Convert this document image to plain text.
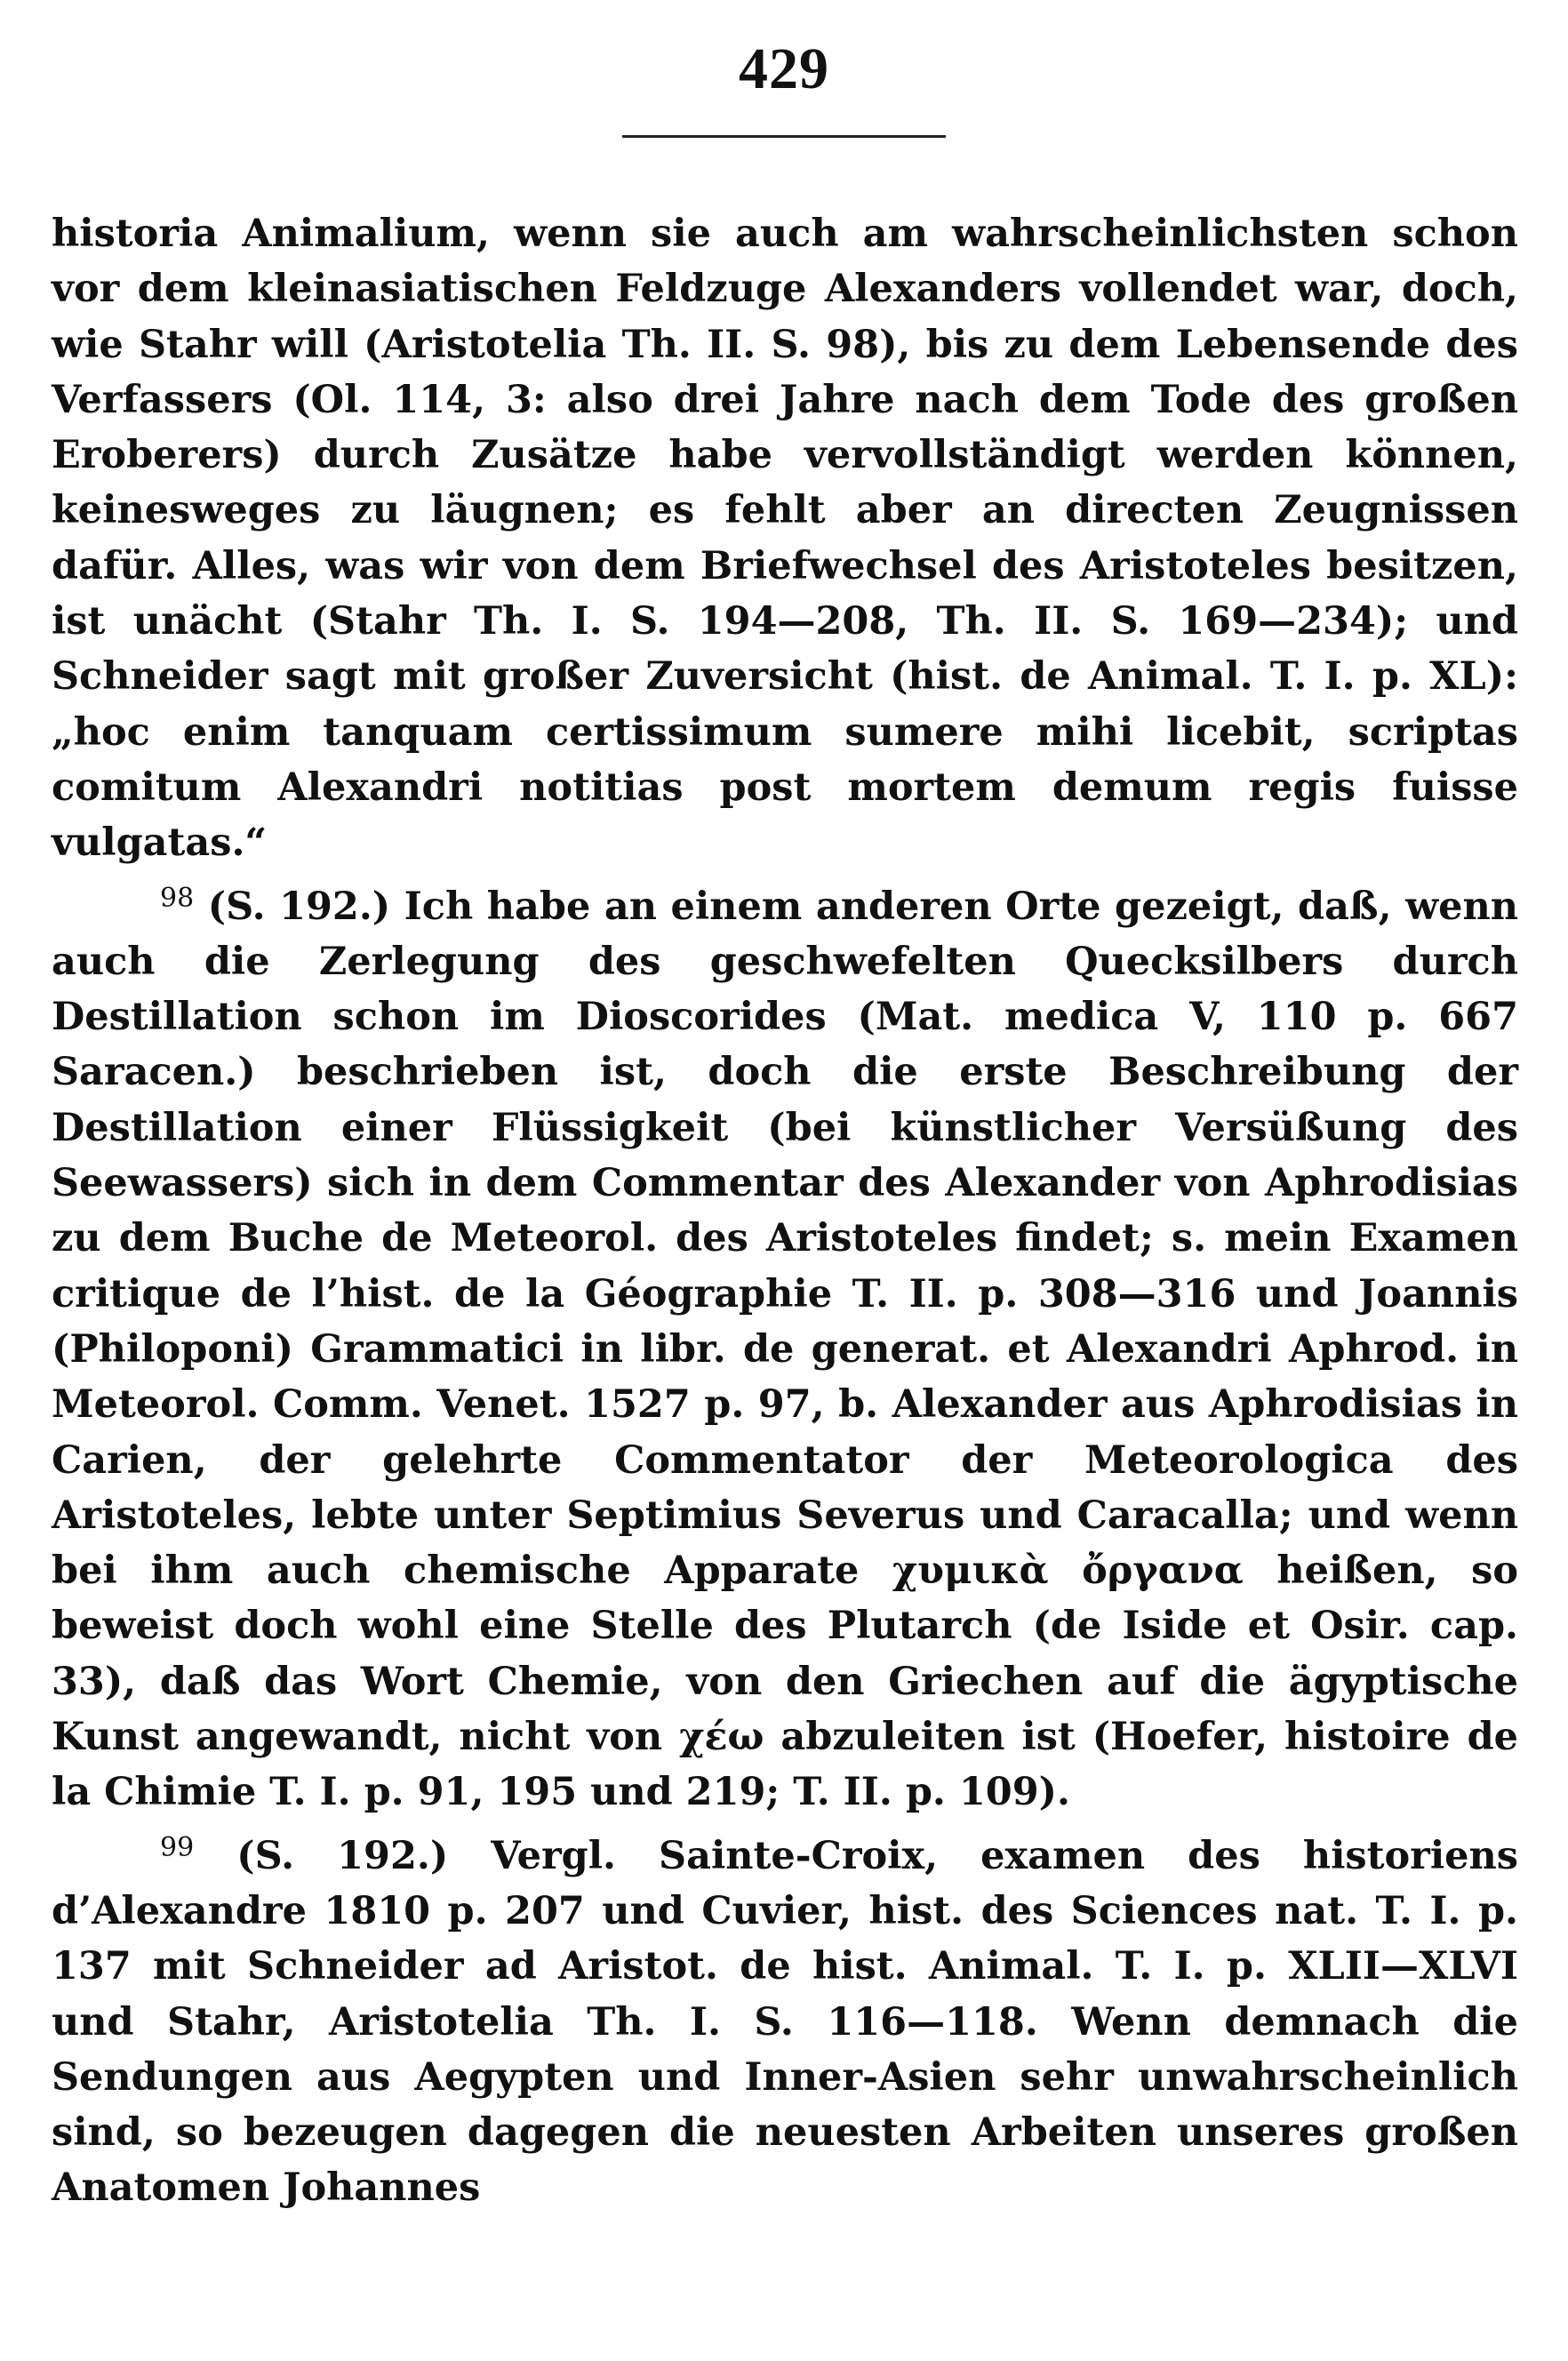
429

historia Animalium, wenn sie auch am wahrscheinlichsten schon vor dem kleinasiatischen Feldzuge Alexanders vollendet war, doch, wie Stahr will (Aristotelia Th. II. S. 98), bis zu dem Lebensende des Verfassers (Ol. 114, 3: also drei Jahre nach dem Tode des großen Eroberers) durch Zusätze habe vervollständigt werden können, keinesweges zu läugnen; es fehlt aber an directen Zeugnissen dafür. Alles, was wir von dem Briefwechsel des Aristoteles besitzen, ist unächt (Stahr Th. I. S. 194—208, Th. II. S. 169—234); und Schneider sagt mit großer Zuversicht (hist. de Animal. T. I. p. XL): „hoc enim tanquam certissimum sumere mihi licebit, scriptas comitum Alexandri notitias post mortem demum regis fuisse vulgatas.“

$^{98}$ (S. 192.) Ich habe an einem anderen Orte gezeigt, daß, wenn auch die Zerlegung des geschwefelten Quecksilbers durch Destillation schon im Dioscorides (Mat. medica V, 110 p. 667 Saracen.) beschrieben ist, doch die erste Beschreibung der Destillation einer Flüssigkeit (bei künstlicher Versüßung des Seewassers) sich in dem Commentar des Alexander von Aphrodisias zu dem Buche de Meteorol. des Aristoteles findet; s. mein Examen critique de l’hist. de la Géographie T. II. p. 308—316 und Joannis (Philoponi) Grammatici in libr. de generat. et Alexandri Aphrod. in Meteorol. Comm. Venet. 1527 p. 97, b. Alexander aus Aphrodisias in Carien, der gelehrte Commentator der Meteorologica des Aristoteles, lebte unter Septimius Severus und Caracalla; und wenn bei ihm auch chemische Apparate χυμικὰ ὄργανα heißen, so beweist doch wohl eine Stelle des Plutarch (de Iside et Osir. cap. 33), daß das Wort Chemie, von den Griechen auf die ägyptische Kunst angewandt, nicht von χέω abzuleiten ist (Hoefer, histoire de la Chimie T. I. p. 91, 195 und 219; T. II. p. 109).
$^{99}$ (S. 192.) Vergl. Sainte-Croix, examen des historiens d’Alexandre 1810 p. 207 und Cuvier, hist. des Sciences nat. T. I. p. 137 mit Schneider ad Aristot. de hist. Animal. T. I. p. XLII—XLVI und Stahr, Aristotelia Th. I. S. 116—118. Wenn demnach die Sendungen aus Aegypten und Inner-Asien sehr unwahrscheinlich sind, so bezeugen dagegen die neuesten Arbeiten unseres großen Anatomen Johannes
